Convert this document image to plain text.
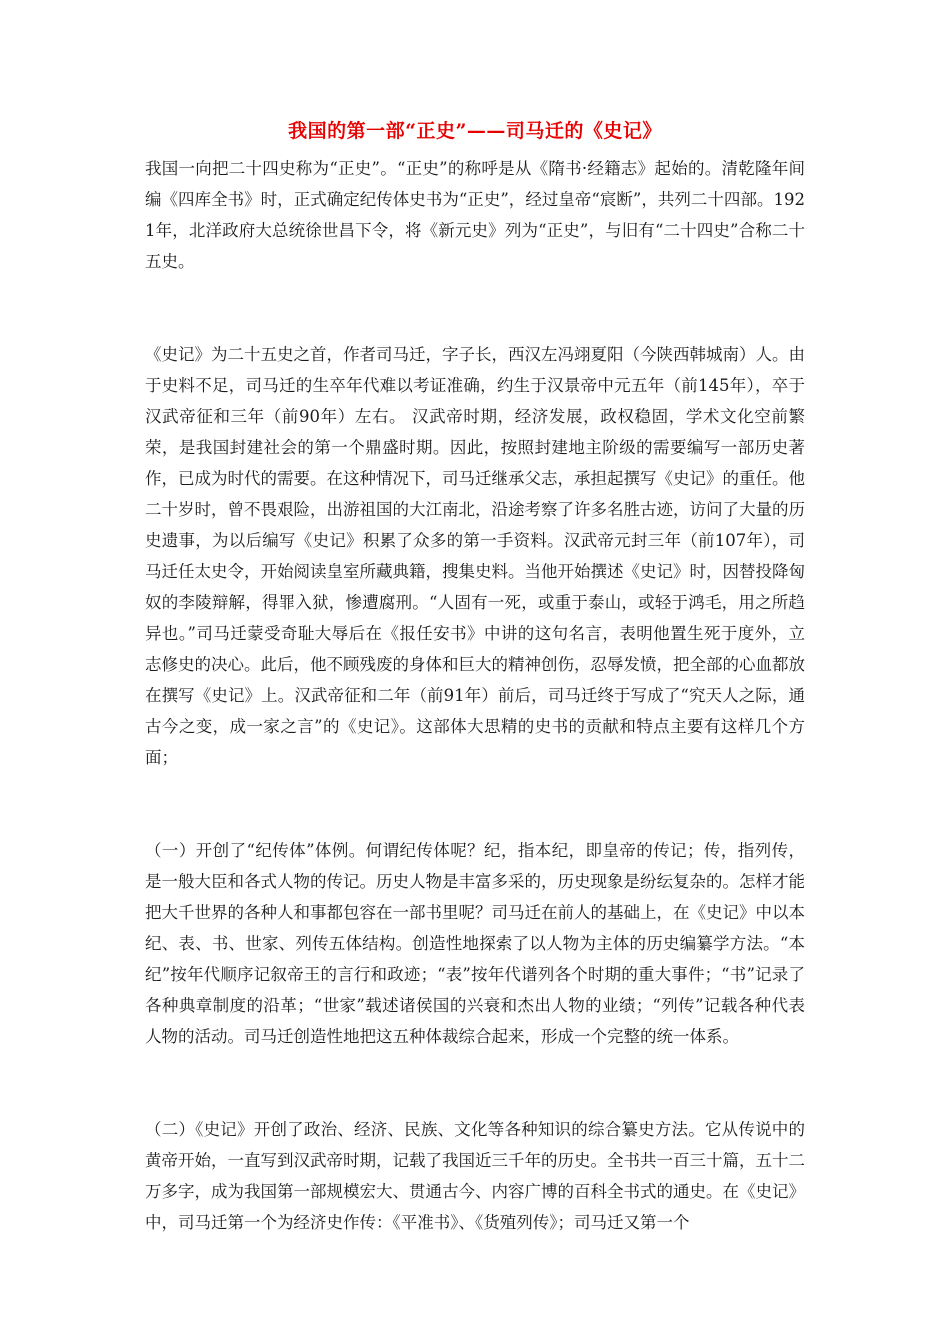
我国的第一部“正史”——司马迁的《史记》

我国一向把二十四史称为“正史”。“正史”的称呼是从《隋书·经籍志》起始的。清乾隆年间编《四库全书》时，正式确定纪传体史书为“正史”，经过皇帝“宸断”，共列二十四部。1921年，北洋政府大总统徐世昌下令，将《新元史》列为“正史”，与旧有“二十四史”合称二十五史。

《史记》为二十五史之首，作者司马迁，字子长，西汉左冯翊夏阳（今陕西韩城南）人。由于史料不足，司马迁的生卒年代难以考证准确，约生于汉景帝中元五年（前145年），卒于汉武帝征和三年（前90年）左右。 汉武帝时期，经济发展，政权稳固，学术文化空前繁荣，是我国封建社会的第一个鼎盛时期。因此，按照封建地主阶级的需要编写一部历史著作，已成为时代的需要。在这种情况下，司马迁继承父志，承担起撰写《史记》的重任。他二十岁时，曾不畏艰险，出游祖国的大江南北，沿途考察了许多名胜古迹，访问了大量的历史遗事，为以后编写《史记》积累了众多的第一手资料。汉武帝元封三年（前107年），司马迁任太史令，开始阅读皇室所藏典籍，搜集史料。当他开始撰述《史记》时，因替投降匈奴的李陵辩解，得罪入狱，惨遭腐刑。“人固有一死，或重于泰山，或轻于鸿毛，用之所趋异也。”司马迁蒙受奇耻大辱后在《报任安书》中讲的这句名言，表明他置生死于度外，立志修史的决心。此后，他不顾残废的身体和巨大的精神创伤，忍辱发愤，把全部的心血都放在撰写《史记》上。汉武帝征和二年（前91年）前后，司马迁终于写成了“究天人之际，通古今之变，成一家之言”的《史记》。这部体大思精的史书的贡献和特点主要有这样几个方面；

（一）开创了“纪传体”体例。何谓纪传体呢？纪，指本纪，即皇帝的传记；传，指列传，是一般大臣和各式人物的传记。历史人物是丰富多采的，历史现象是纷纭复杂的。怎样才能把大千世界的各种人和事都包容在一部书里呢？司马迁在前人的基础上，在《史记》中以本纪、表、书、世家、列传五体结构。创造性地探索了以人物为主体的历史编纂学方法。“本纪”按年代顺序记叙帝王的言行和政迹；“表”按年代谱列各个时期的重大事件；“书”记录了各种典章制度的沿革；“世家”载述诸侯国的兴衰和杰出人物的业绩；“列传”记载各种代表人物的活动。司马迁创造性地把这五种体裁综合起来，形成一个完整的统一体系。

（二）《史记》开创了政治、经济、民族、文化等各种知识的综合纂史方法。它从传说中的黄帝开始，一直写到汉武帝时期，记载了我国近三千年的历史。全书共一百三十篇，五十二万多字，成为我国第一部规模宏大、贯通古今、内容广博的百科全书式的通史。在《史记》中，司马迁第一个为经济史作传：《平准书》、《货殖列传》；司马迁又第一个
